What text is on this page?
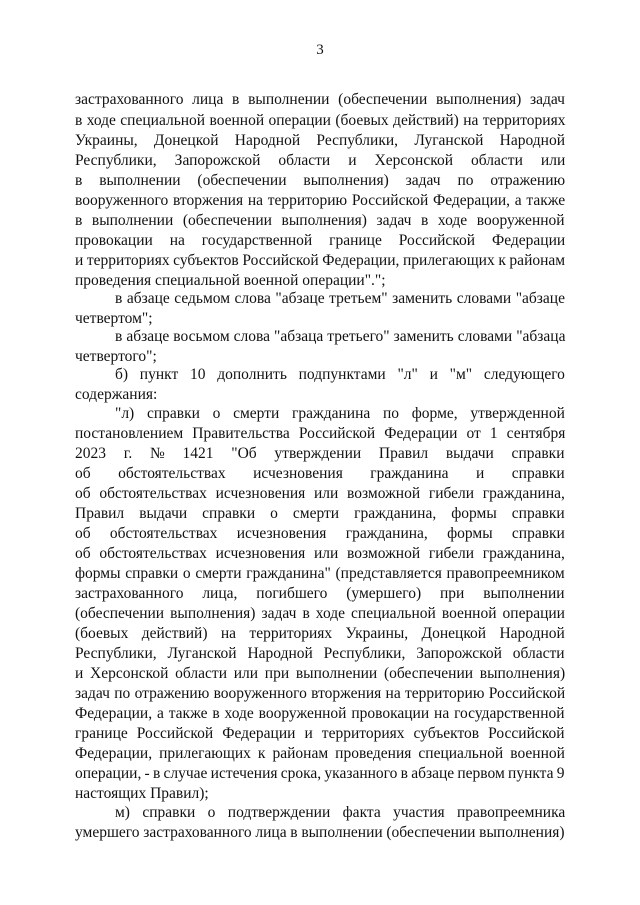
3
застрахованного лица в выполнении (обеспечении выполнения) задач
в ходе специальной военной операции (боевых действий) на территориях
Украины, Донецкой Народной Республики, Луганской Народной
Республики, Запорожской области и Херсонской области или
в выполнении (обеспечении выполнения) задач по отражению
вооруженного вторжения на территорию Российской Федерации, а также
в выполнении (обеспечении выполнения) задач в ходе вооруженной
провокации на государственной границе Российской Федерации
и территориях субъектов Российской Федерации, прилегающих к районам
проведения специальной военной операции".";
в абзаце седьмом слова "абзаце третьем" заменить словами "абзаце
четвертом";
в абзаце восьмом слова "абзаца третьего" заменить словами "абзаца
четвертого";
б) пункт 10 дополнить подпунктами "л" и "м" следующего
содержания:
"л) справки о смерти гражданина по форме, утвержденной
постановлением Правительства Российской Федерации от 1 сентября
2023 г. № 1421 "Об утверждении Правил выдачи справки
об обстоятельствах исчезновения гражданина и справки
об обстоятельствах исчезновения или возможной гибели гражданина,
Правил выдачи справки о смерти гражданина, формы справки
об обстоятельствах исчезновения гражданина, формы справки
об обстоятельствах исчезновения или возможной гибели гражданина,
формы справки о смерти гражданина" (представляется правопреемником
застрахованного лица, погибшего (умершего) при выполнении
(обеспечении выполнения) задач в ходе специальной военной операции
(боевых действий) на территориях Украины, Донецкой Народной
Республики, Луганской Народной Республики, Запорожской области
и Херсонской области или при выполнении (обеспечении выполнения)
задач по отражению вооруженного вторжения на территорию Российской
Федерации, а также в ходе вооруженной провокации на государственной
границе Российской Федерации и территориях субъектов Российской
Федерации, прилегающих к районам проведения специальной военной
операции, - в случае истечения срока, указанного в абзаце первом пункта 9
настоящих Правил);
м) справки о подтверждении факта участия правопреемника
умершего застрахованного лица в выполнении (обеспечении выполнения)
